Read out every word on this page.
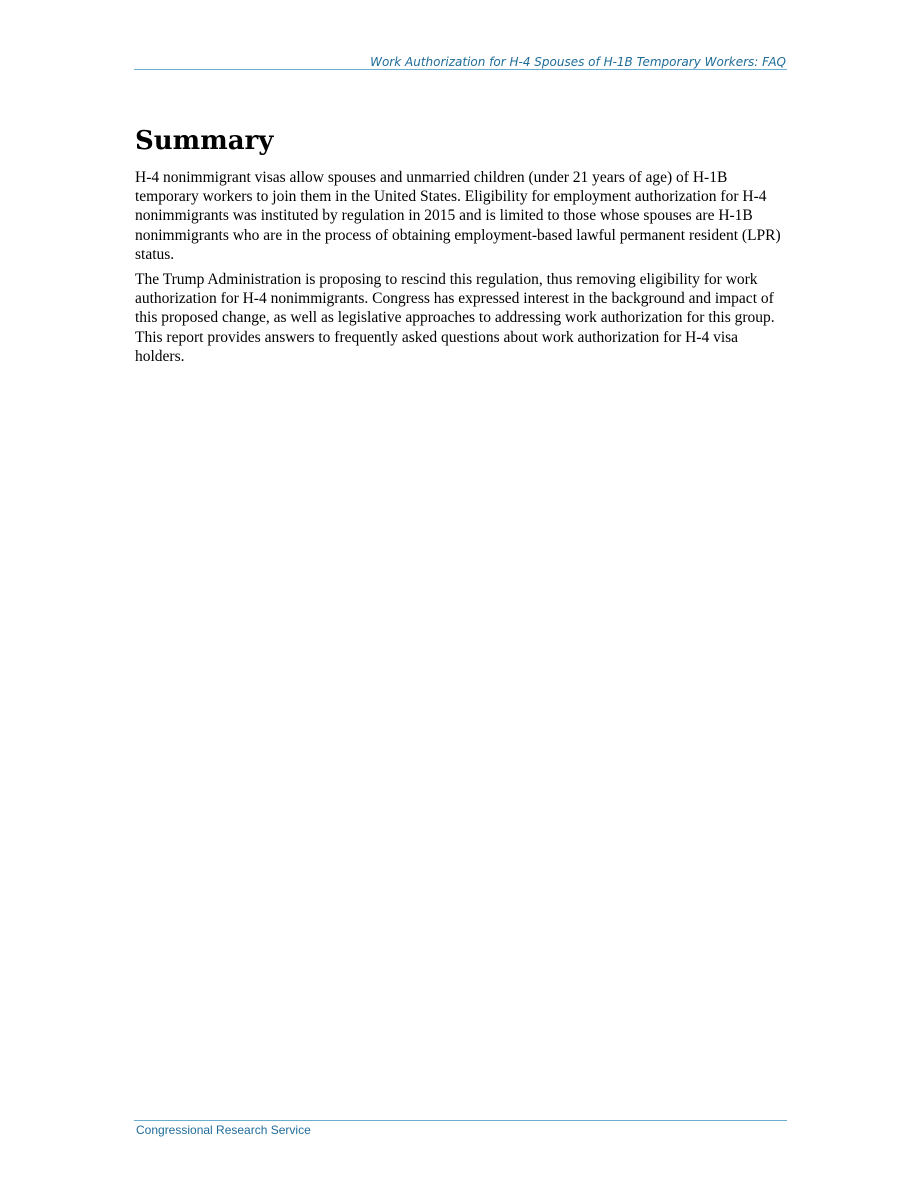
Work Authorization for H-4 Spouses of H-1B Temporary Workers: FAQ
Summary

H-4 nonimmigrant visas allow spouses and unmarried children (under 21 years of age) of H-1B temporary workers to join them in the United States. Eligibility for employment authorization for H-4 nonimmigrants was instituted by regulation in 2015 and is limited to those whose spouses are H-1B nonimmigrants who are in the process of obtaining employment-based lawful permanent resident (LPR) status.

The Trump Administration is proposing to rescind this regulation, thus removing eligibility for work authorization for H-4 nonimmigrants. Congress has expressed interest in the background and impact of this proposed change, as well as legislative approaches to addressing work authorization for this group. This report provides answers to frequently asked questions about work authorization for H-4 visa holders.

Congressional Research Service
